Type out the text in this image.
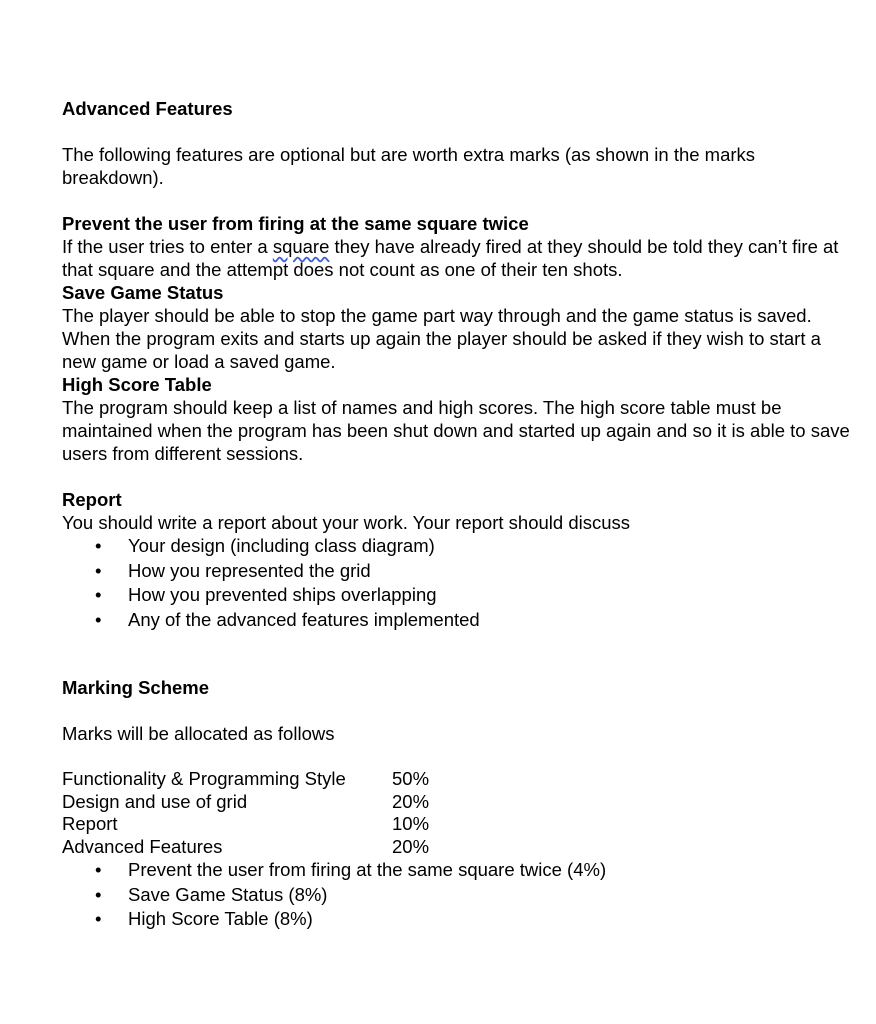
Advanced Features

The following features are optional but are worth extra marks (as shown in the marks breakdown).

Prevent the user from firing at the same square twice

If the user tries to enter a square they have already fired at they should be told they can’t fire at that square and the attempt does not count as one of their ten shots.

Save Game Status

The player should be able to stop the game part way through and the game status is saved. When the program exits and starts up again the player should be asked if they wish to start a new game or load a saved game.

High Score Table

The program should keep a list of names and high scores. The high score table must be maintained when the program has been shut down and started up again and so it is able to save users from different sessions.

Report

You should write a report about your work. Your report should discuss

• Your design (including class diagram)
• How you represented the grid
• How you prevented ships overlapping
• Any of the advanced features implemented
Marking Scheme

Marks will be allocated as follows

Functionality & Programming Style	50%
Design and use of grid	20%
Report	10%
Advanced Features	20%
• Prevent the user from firing at the same square twice (4%)
• Save Game Status (8%)
• High Score Table (8%)
